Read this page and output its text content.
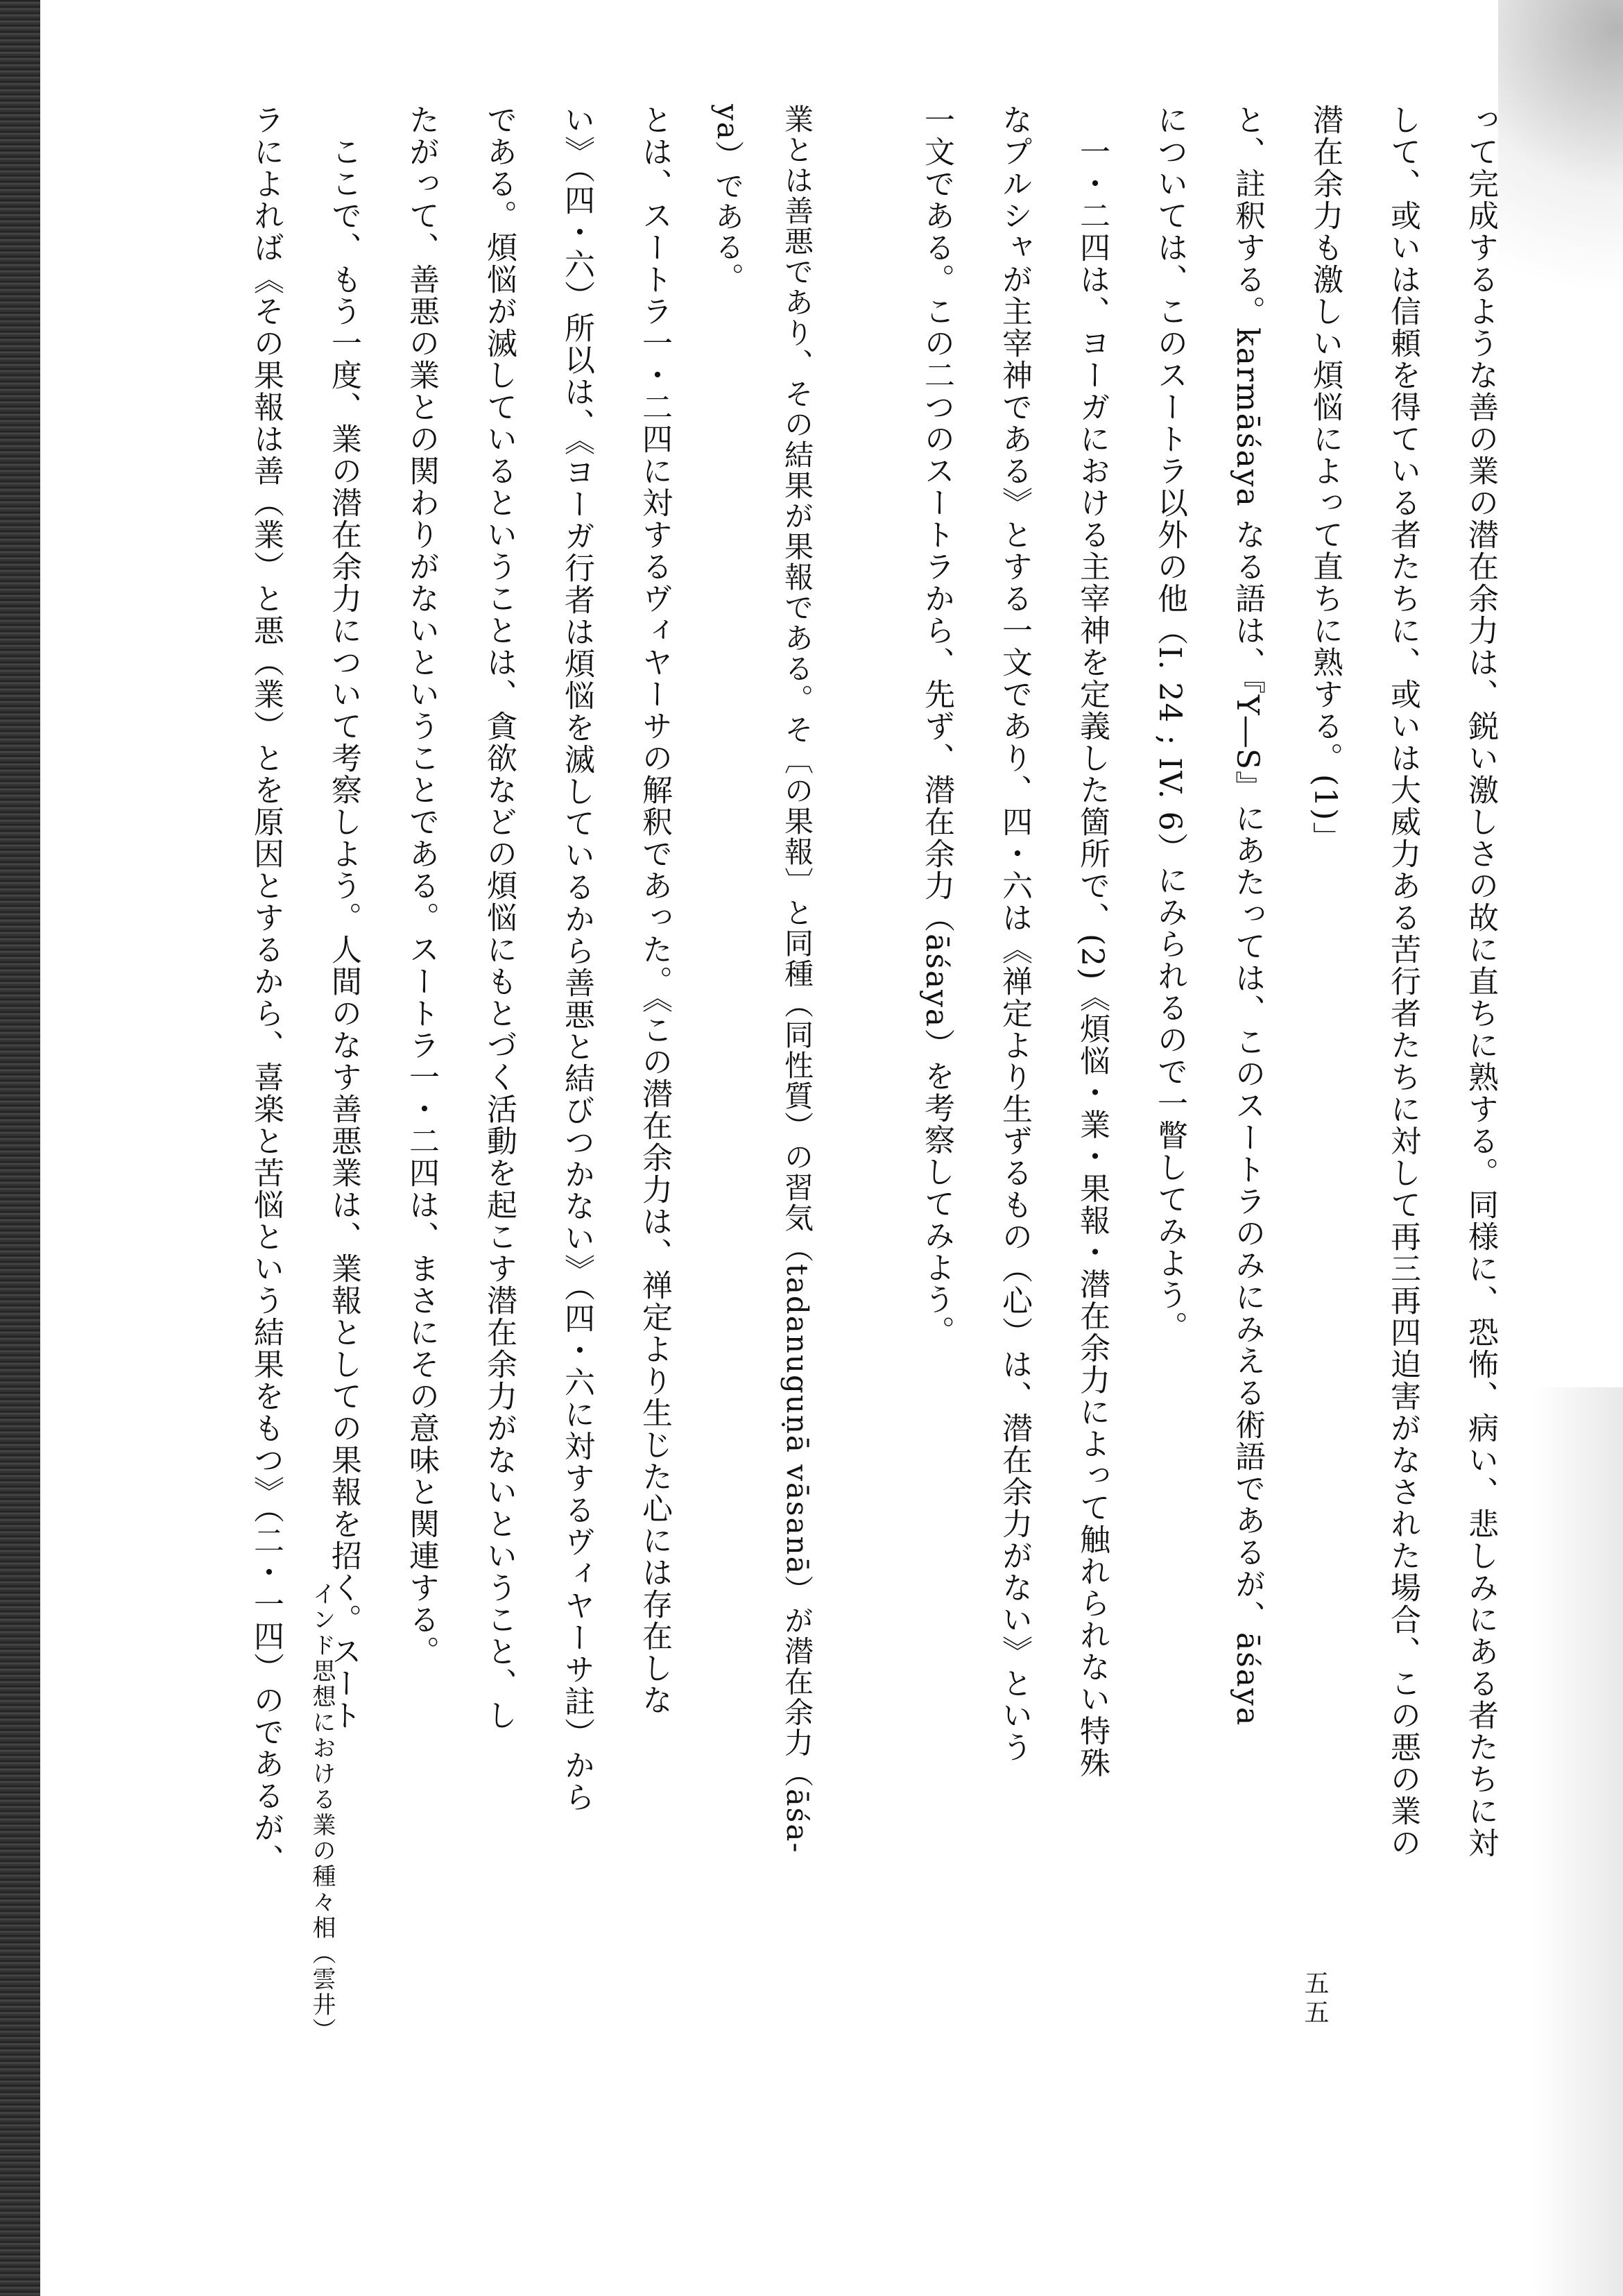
って完成するような善の業の潜在余力は、鋭い激しさの故に直ちに熟する。同様に、恐怖、病い、悲しみにある者たちに対
して、或いは信頼を得ている者たちに、或いは大威力ある苦行者たちに対して再三再四迫害がなされた場合、この悪の業の
潜在余力も激しい煩悩によって直ちに熟する。(1)」
と、註釈する。karmāśaya なる語は、『Y―S』にあたっては、このスートラのみにみえる術語であるが、āśaya
については、このスートラ以外の他（I. 24 ; IV. 6）にみられるので一瞥してみよう。
一・二四は、ヨーガにおける主宰神を定義した箇所で、(2)《煩悩・業・果報・潜在余力によって触れられない特殊
なプルシャが主宰神である》とする一文であり、四・六は《禅定より生ずるもの（心）は、潜在余力がない》という
一文である。この二つのスートラから、先ず、潜在余力（āśaya）を考察してみよう。
業とは善悪であり、その結果が果報である。そ〔の果報〕と同種（同性質）の習気（tadanuguṇā vāsanā）が潜在余力（āśa-
ya）である。
とは、スートラ一・二四に対するヴィヤーサの解釈であった。《この潜在余力は、禅定より生じた心には存在しな
い》（四・六）所以は、《ヨーガ行者は煩悩を滅しているから善悪と結びつかない》（四・六に対するヴィヤーサ註）から
である。煩悩が滅しているということは、貪欲などの煩悩にもとづく活動を起こす潜在余力がないということ、し
たがって、善悪の業との関わりがないということである。スートラ一・二四は、まさにその意味と関連する。
ここで、もう一度、業の潜在余力について考察しよう。人間のなす善悪業は、業報としての果報を招く。スート
ラによれば《その果報は善（業）と悪（業）とを原因とするから、喜楽と苦悩という結果をもつ》（二・一四）のであるが、	インド思想における業の種々相（雲井）	五五
